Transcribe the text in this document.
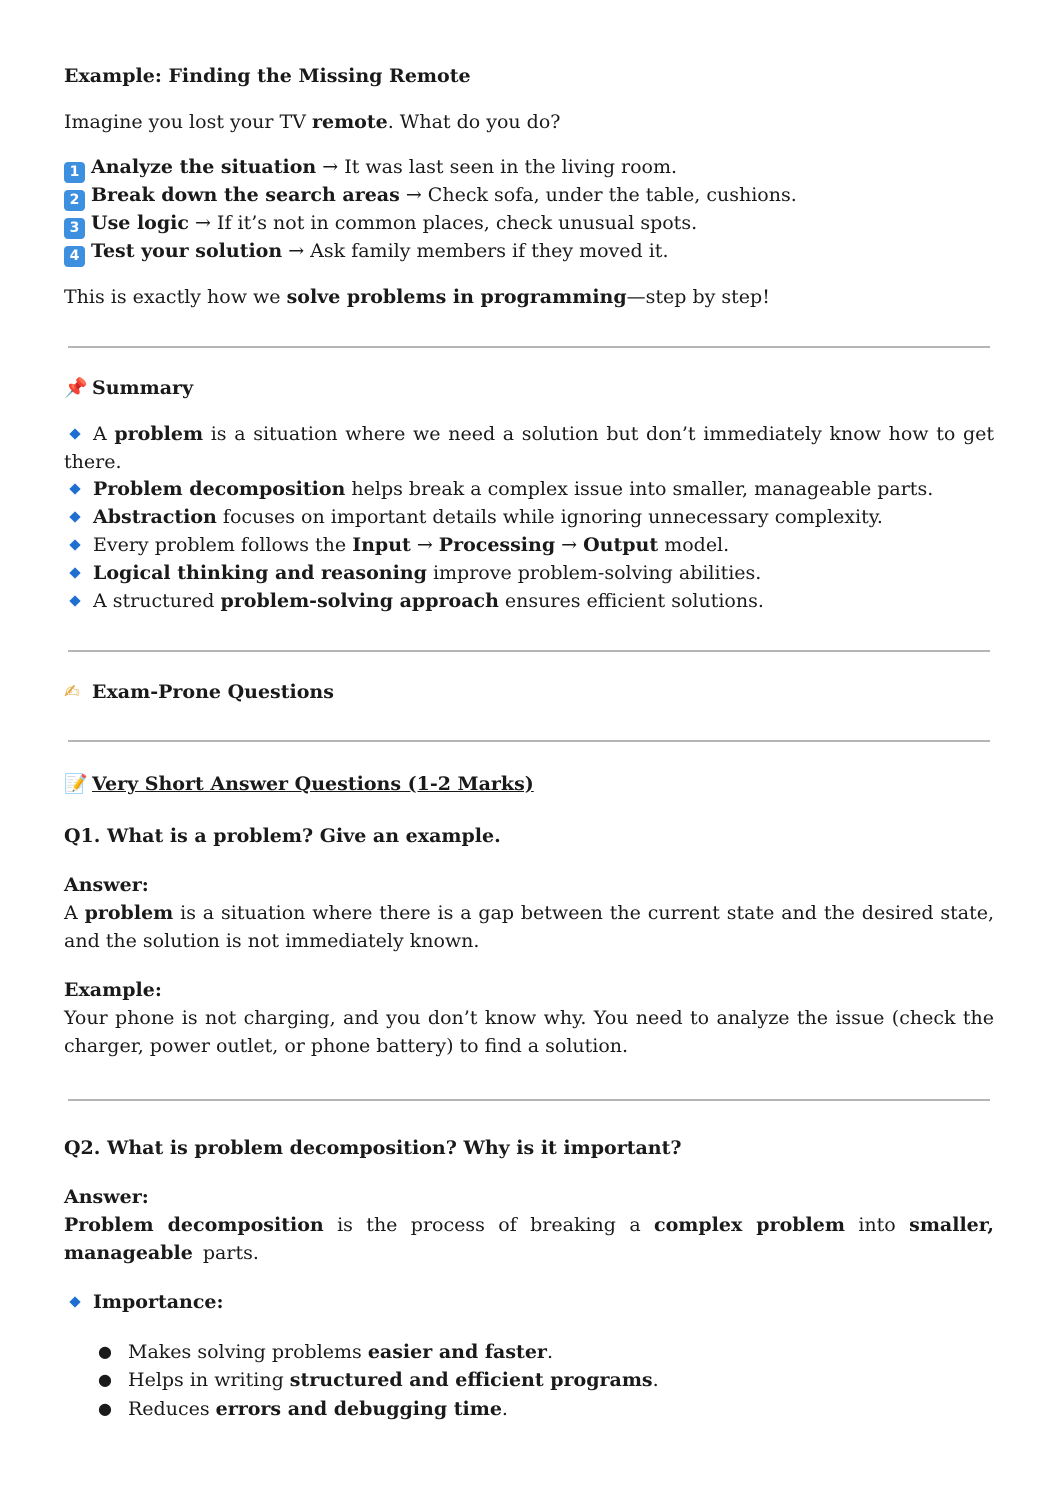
Example: Finding the Missing Remote
Imagine you lost your TV remote. What do you do?
1 Analyze the situation → It was last seen in the living room.
2 Break down the search areas → Check sofa, under the table, cushions.
3 Use logic → If it’s not in common places, check unusual spots.
4 Test your solution → Ask family members if they moved it.
This is exactly how we solve problems in programming—step by step!
📌 Summary
A problem is a situation where we need a solution but don’t immediately know how to get there.
Problem decomposition helps break a complex issue into smaller, manageable parts.
Abstraction focuses on important details while ignoring unnecessary complexity.
Every problem follows the Input → Processing → Output model.
Logical thinking and reasoning improve problem-solving abilities.
A structured problem-solving approach ensures efficient solutions.
✍ Exam-Prone Questions
📝 Very Short Answer Questions (1-2 Marks)
Q1. What is a problem? Give an example.
Answer:
A problem is a situation where there is a gap between the current state and the desired state, and the solution is not immediately known.
Example:
Your phone is not charging, and you don’t know why. You need to analyze the issue (check the charger, power outlet, or phone battery) to find a solution.
Q2. What is problem decomposition? Why is it important?
Answer:
Problem decomposition is the process of breaking a complex problem into smaller, manageable parts.
Importance:
● Makes solving problems easier and faster.
● Helps in writing structured and efficient programs.
● Reduces errors and debugging time.
